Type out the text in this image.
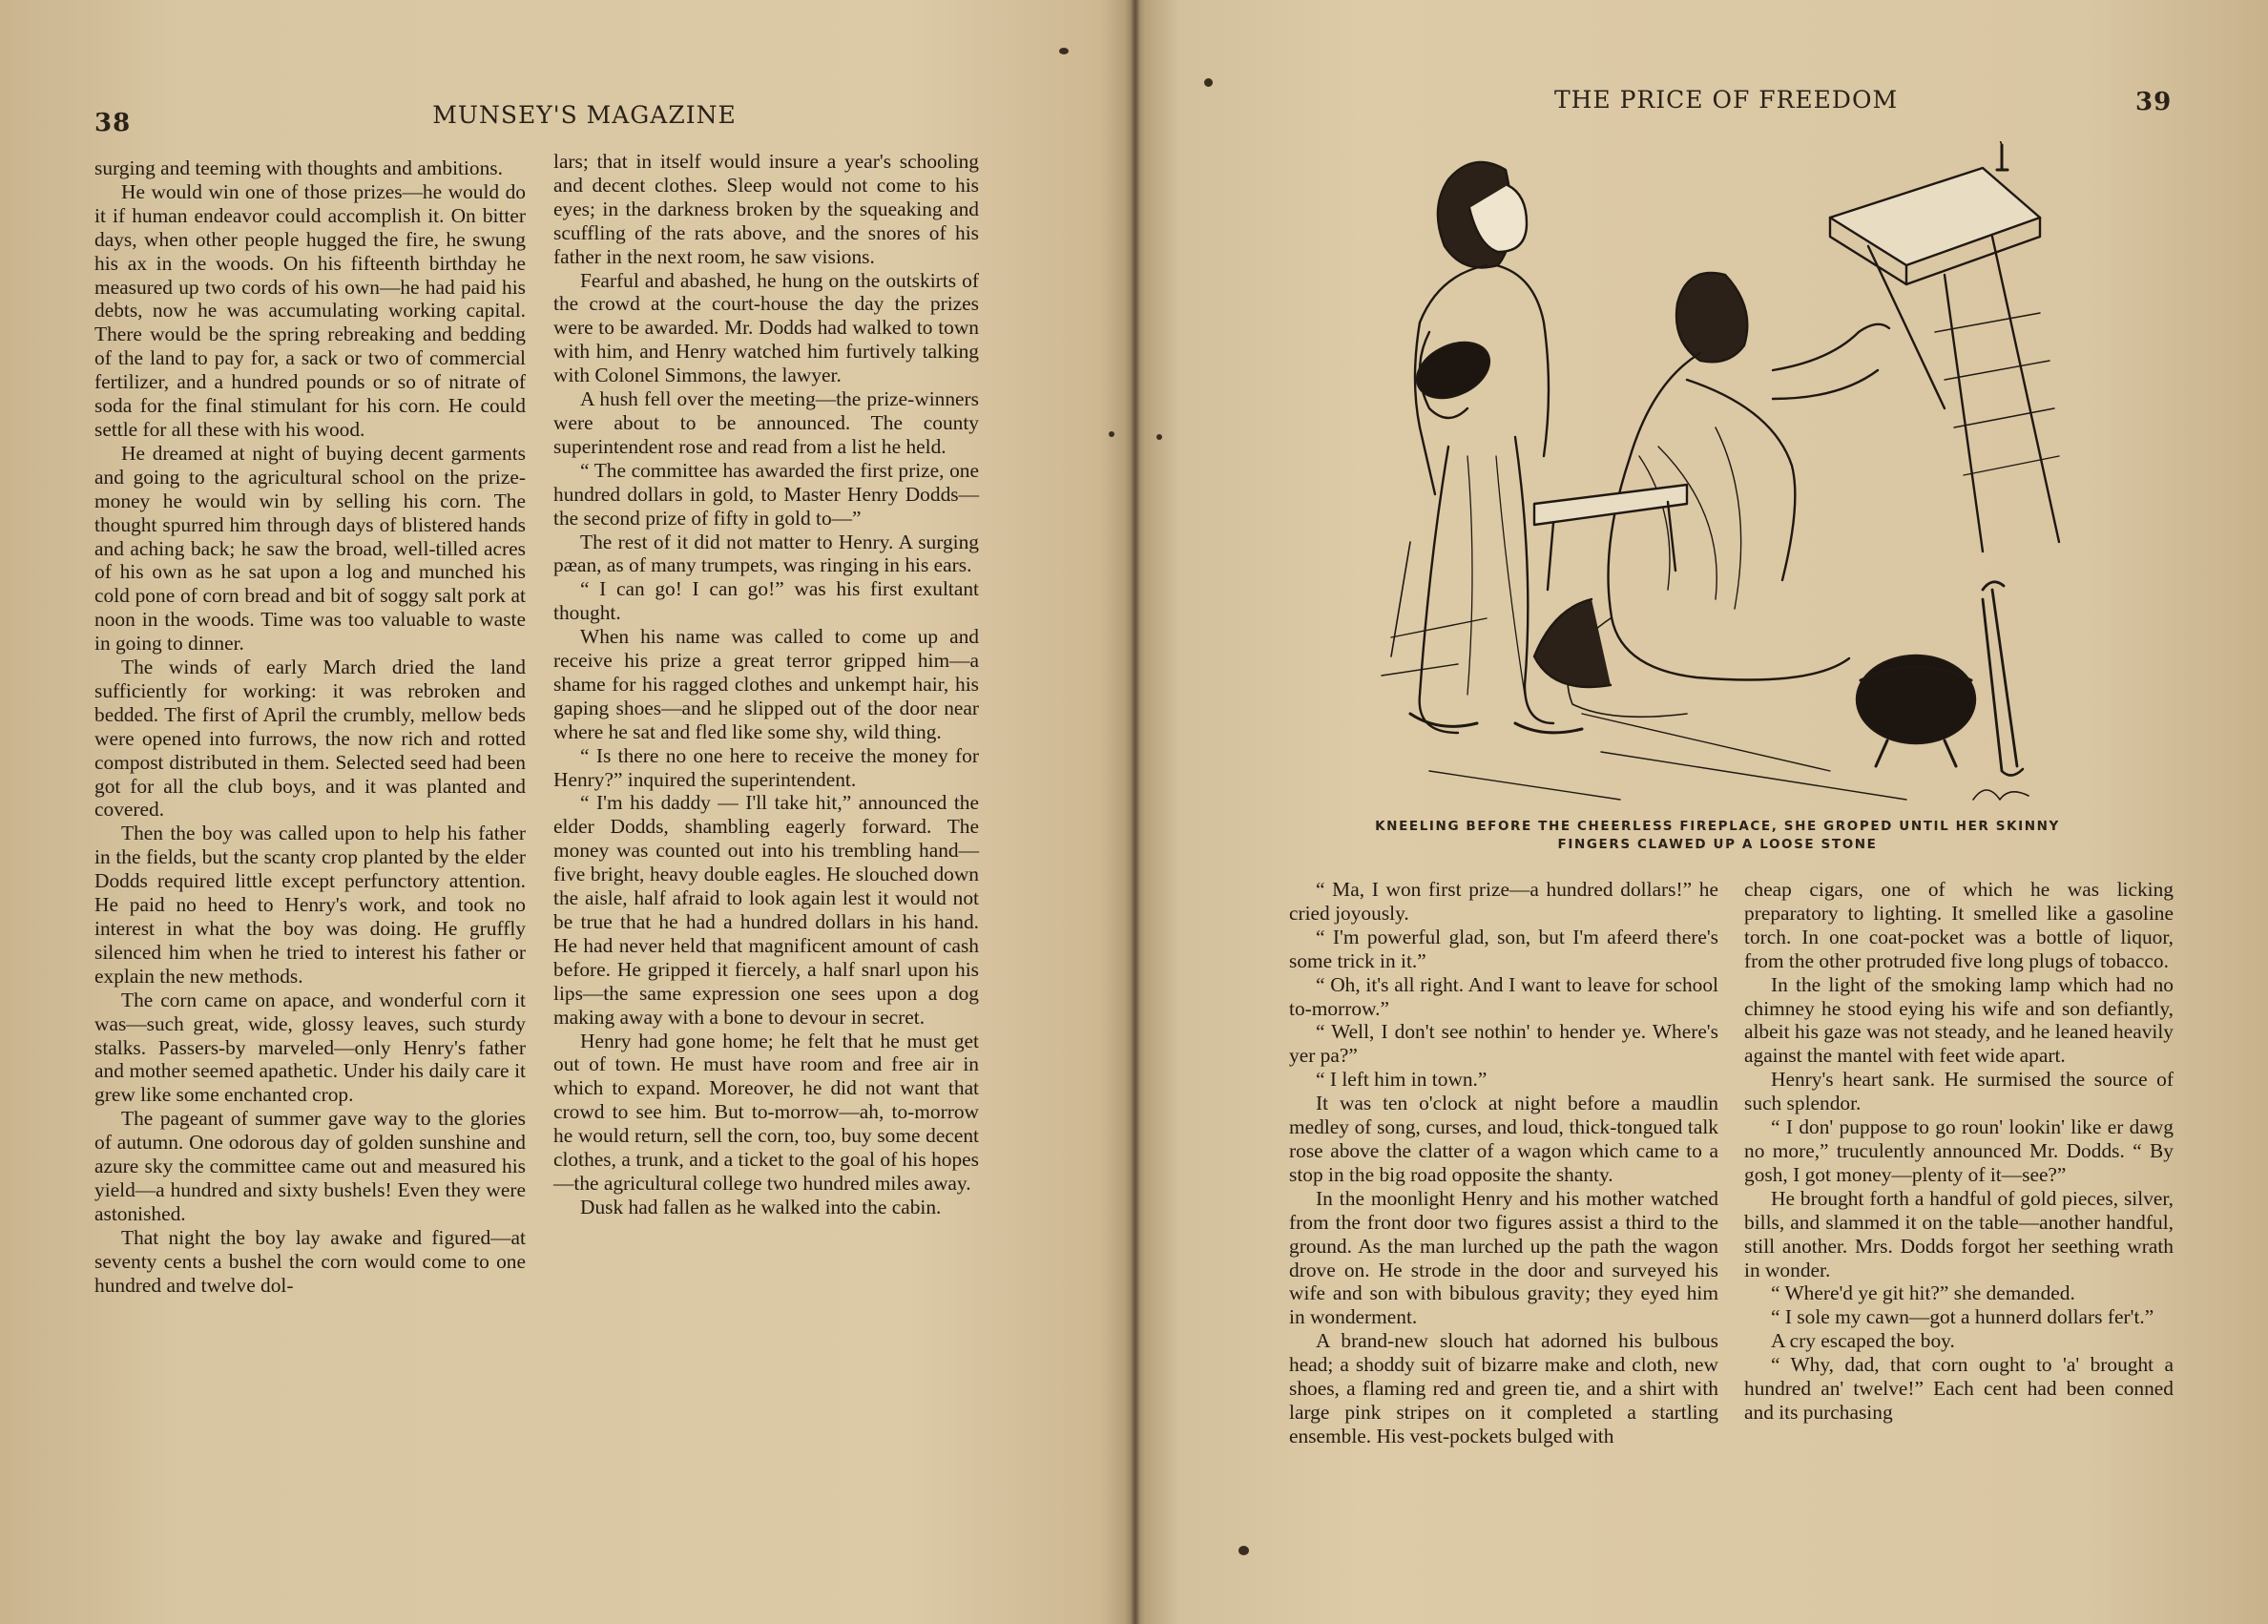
38	MUNSEY'S MAGAZINE

surging and teeming with thoughts and ambitions.

He would win one of those prizes—he would do it if human endeavor could accomplish it. On bitter days, when other people hugged the fire, he swung his ax in the woods. On his fifteenth birthday he measured up two cords of his own—he had paid his debts, now he was accumulating working capital. There would be the spring rebreaking and bedding of the land to pay for, a sack or two of commercial fertilizer, and a hundred pounds or so of nitrate of soda for the final stimulant for his corn. He could settle for all these with his wood.

He dreamed at night of buying decent garments and going to the agricultural school on the prize-money he would win by selling his corn. The thought spurred him through days of blistered hands and aching back; he saw the broad, well-tilled acres of his own as he sat upon a log and munched his cold pone of corn bread and bit of soggy salt pork at noon in the woods. Time was too valuable to waste in going to dinner.

The winds of early March dried the land sufficiently for working: it was rebroken and bedded. The first of April the crumbly, mellow beds were opened into furrows, the now rich and rotted compost distributed in them. Selected seed had been got for all the club boys, and it was planted and covered.

Then the boy was called upon to help his father in the fields, but the scanty crop planted by the elder Dodds required little except perfunctory attention. He paid no heed to Henry's work, and took no interest in what the boy was doing. He gruffly silenced him when he tried to interest his father or explain the new methods.

The corn came on apace, and wonderful corn it was—such great, wide, glossy leaves, such sturdy stalks. Passers-by marveled—only Henry's father and mother seemed apathetic. Under his daily care it grew like some enchanted crop.

The pageant of summer gave way to the glories of autumn. One odorous day of golden sunshine and azure sky the committee came out and measured his yield—a hundred and sixty bushels! Even they were astonished.

That night the boy lay awake and figured—at seventy cents a bushel the corn would come to one hundred and twelve dol-

lars; that in itself would insure a year's schooling and decent clothes. Sleep would not come to his eyes; in the darkness broken by the squeaking and scuffling of the rats above, and the snores of his father in the next room, he saw visions.

Fearful and abashed, he hung on the outskirts of the crowd at the court-house the day the prizes were to be awarded. Mr. Dodds had walked to town with him, and Henry watched him furtively talking with Colonel Simmons, the lawyer.

A hush fell over the meeting—the prize-winners were about to be announced. The county superintendent rose and read from a list he held.

“ The committee has awarded the first prize, one hundred dollars in gold, to Master Henry Dodds—the second prize of fifty in gold to—”

The rest of it did not matter to Henry. A surging pæan, as of many trumpets, was ringing in his ears.

“ I can go! I can go!” was his first exultant thought.

When his name was called to come up and receive his prize a great terror gripped him—a shame for his ragged clothes and unkempt hair, his gaping shoes—and he slipped out of the door near where he sat and fled like some shy, wild thing.

“ Is there no one here to receive the money for Henry?” inquired the superintendent.

“ I'm his daddy — I'll take hit,” announced the elder Dodds, shambling eagerly forward. The money was counted out into his trembling hand—five bright, heavy double eagles. He slouched down the aisle, half afraid to look again lest it would not be true that he had a hundred dollars in his hand. He had never held that magnificent amount of cash before. He gripped it fiercely, a half snarl upon his lips—the same expression one sees upon a dog making away with a bone to devour in secret.

Henry had gone home; he felt that he must get out of town. He must have room and free air in which to expand. Moreover, he did not want that crowd to see him. But to-morrow—ah, to-morrow he would return, sell the corn, too, buy some decent clothes, a trunk, and a ticket to the goal of his hopes—the agricultural college two hundred miles away.

Dusk had fallen as he walked into the cabin.

THE PRICE OF FREEDOM	39
KNEELING BEFORE THE CHEERLESS FIREPLACE, SHE GROPED UNTIL HER SKINNY
FINGERS CLAWED UP A LOOSE STONE

“ Ma, I won first prize—a hundred dollars!” he cried joyously.

“ I'm powerful glad, son, but I'm afeerd there's some trick in it.”

“ Oh, it's all right. And I want to leave for school to-morrow.”

“ Well, I don't see nothin' to hender ye. Where's yer pa?”

“ I left him in town.”

It was ten o'clock at night before a maudlin medley of song, curses, and loud, thick-tongued talk rose above the clatter of a wagon which came to a stop in the big road opposite the shanty.

In the moonlight Henry and his mother watched from the front door two figures assist a third to the ground. As the man lurched up the path the wagon drove on. He strode in the door and surveyed his wife and son with bibulous gravity; they eyed him in wonderment.

A brand-new slouch hat adorned his bulbous head; a shoddy suit of bizarre make and cloth, new shoes, a flaming red and green tie, and a shirt with large pink stripes on it completed a startling ensemble. His vest-pockets bulged with

cheap cigars, one of which he was licking preparatory to lighting. It smelled like a gasoline torch. In one coat-pocket was a bottle of liquor, from the other protruded five long plugs of tobacco.

In the light of the smoking lamp which had no chimney he stood eying his wife and son defiantly, albeit his gaze was not steady, and he leaned heavily against the mantel with feet wide apart.

Henry's heart sank. He surmised the source of such splendor.

“ I don' puppose to go roun' lookin' like er dawg no more,” truculently announced Mr. Dodds. “ By gosh, I got money—plenty of it—see?”

He brought forth a handful of gold pieces, silver, bills, and slammed it on the table—another handful, still another. Mrs. Dodds forgot her seething wrath in wonder.

“ Where'd ye git hit?” she demanded.

“ I sole my cawn—got a hunnerd dollars fer't.”

A cry escaped the boy.

“ Why, dad, that corn ought to 'a' brought a hundred an' twelve!” Each cent had been conned and its purchasing
